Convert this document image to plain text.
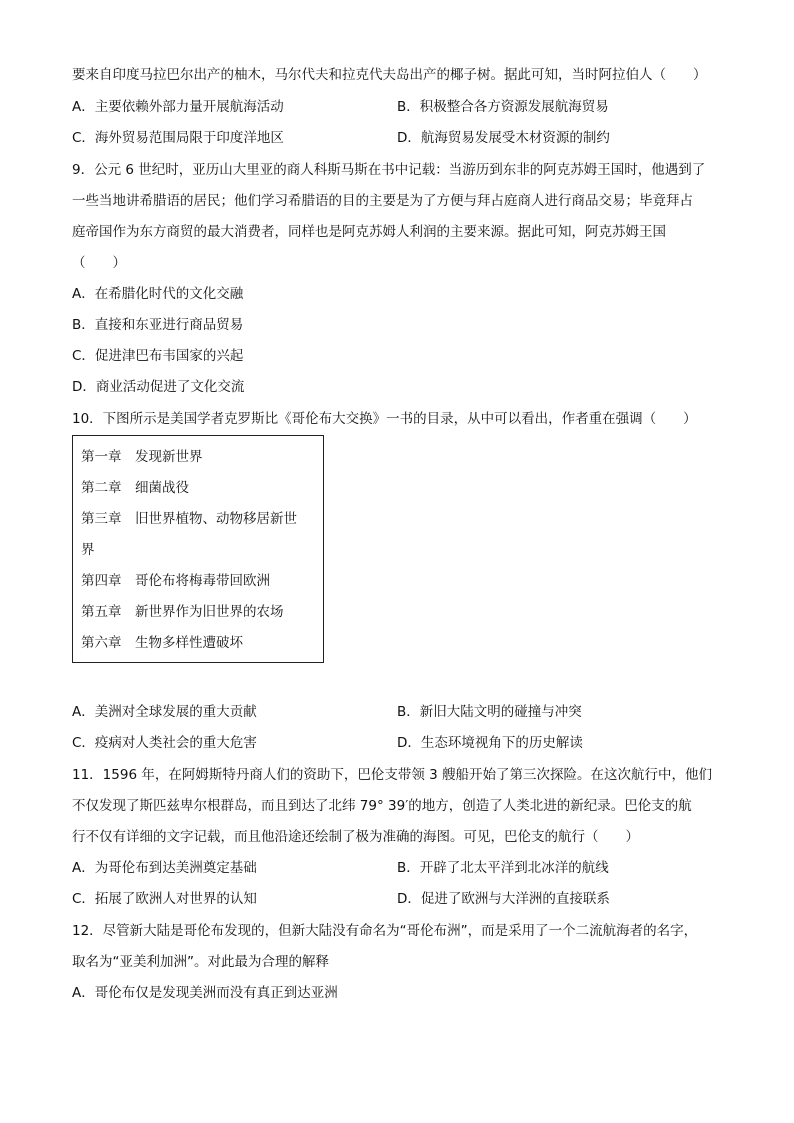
要来自印度马拉巴尔出产的柚木，马尔代夫和拉克代夫岛出产的椰子树。据此可知，当时阿拉伯人（　　）
A．主要依赖外部力量开展航海活动	B．积极整合各方资源发展航海贸易
C．海外贸易范围局限于印度洋地区	D．航海贸易发展受木材资源的制约
9．公元 6 世纪时，亚历山大里亚的商人科斯马斯在书中记载：当游历到东非的阿克苏姆王国时，他遇到了
一些当地讲希腊语的居民；他们学习希腊语的目的主要是为了方便与拜占庭商人进行商品交易；毕竟拜占
庭帝国作为东方商贸的最大消费者，同样也是阿克苏姆人利润的主要来源。据此可知，阿克苏姆王国
（　　）
A．在希腊化时代的文化交融
B．直接和东亚进行商品贸易
C．促进津巴布韦国家的兴起
D．商业活动促进了文化交流
10．下图所示是美国学者克罗斯比《哥伦布大交换》一书的目录，从中可以看出，作者重在强调（　　）
第一章　发现新世界
第二章　细菌战役
第三章　旧世界植物、动物移居新世
界
第四章　哥伦布将梅毒带回欧洲
第五章　新世界作为旧世界的农场
第六章　生物多样性遭破坏
A．美洲对全球发展的重大贡献	B．新旧大陆文明的碰撞与冲突
C．疫病对人类社会的重大危害	D．生态环境视角下的历史解读
11．1596 年，在阿姆斯特丹商人们的资助下，巴伦支带领 3 艘船开始了第三次探险。在这次航行中，他们
不仅发现了斯匹兹卑尔根群岛，而且到达了北纬 79° 39′的地方，创造了人类北进的新纪录。巴伦支的航
行不仅有详细的文字记载，而且他沿途还绘制了极为准确的海图。可见，巴伦支的航行（　　）
A．为哥伦布到达美洲奠定基础	B．开辟了北太平洋到北冰洋的航线
C．拓展了欧洲人对世界的认知	D．促进了欧洲与大洋洲的直接联系
12．尽管新大陆是哥伦布发现的，但新大陆没有命名为“哥伦布洲”，而是采用了一个二流航海者的名字，
取名为“亚美利加洲”。对此最为合理的解释
A．哥伦布仅是发现美洲而没有真正到达亚洲
